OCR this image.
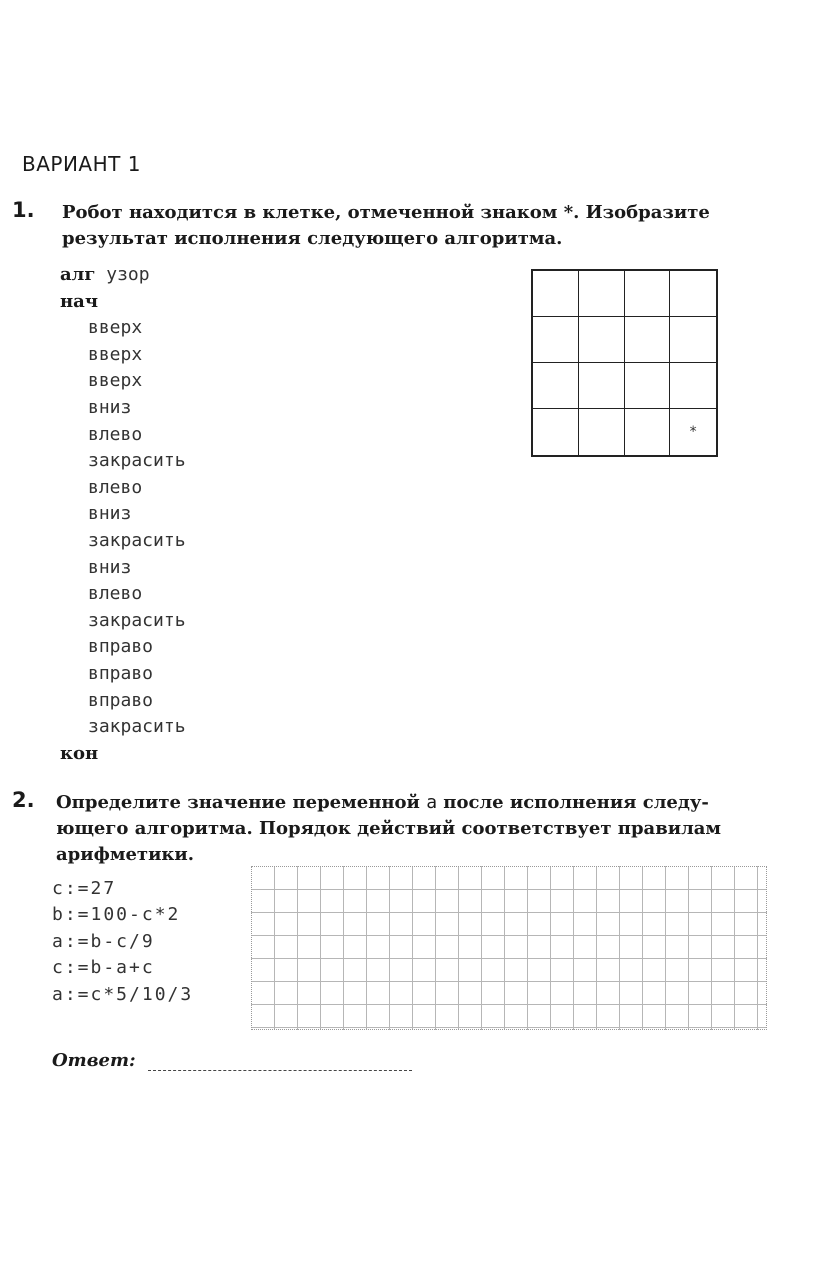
ВАРИАНТ 1
1. Робот находится в клетке, отмеченной знаком *. Изобразите
результат исполнения следующего алгоритма.
алг узор
нач
вверх
вверх
вверх
вниз
влево
закрасить
влево
вниз
закрасить
вниз
влево
закрасить
вправо
вправо
вправо
закрасить
кон
*
2. Определите значение переменной a после исполнения следу-
ющего алгоритма. Порядок действий соответствует правилам
арифметики.
c:=27
b:=100-c*2
a:=b-c/9
c:=b-a+c
a:=c*5/10/3
Ответ:
